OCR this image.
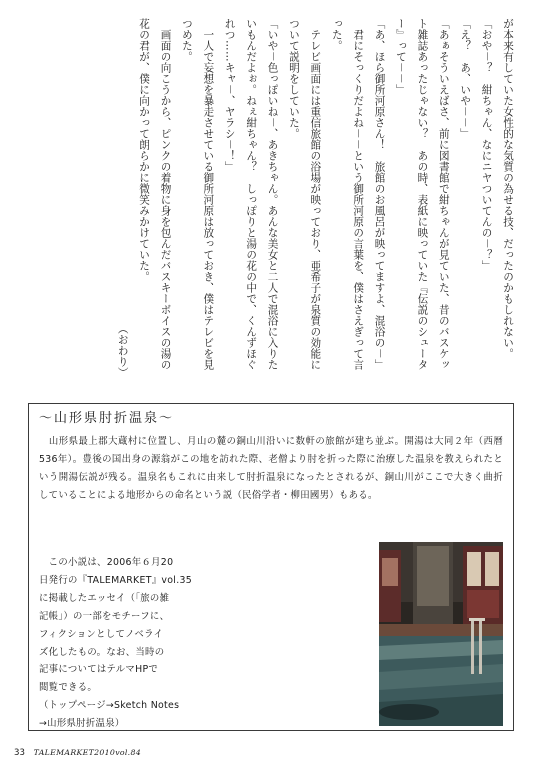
が本来有していた女性的な気質の為せる技、だったのかもしれない。

「おや－？　紺ちゃん、なにニヤついてんの－？」

「え？　あ、いや－－」

「あぁそういえばさ、前に図書館で紺ちゃんが見ていた、昔のバスケット雑誌あったじゃない？　あの時、表紙に映っていた『伝説のシューター』って－－」

「あ、ほら御所河原さん！　旅館のお風呂が映ってますよ、混浴の－」

　君にそっくりだよね－－という御所河原の言葉を、僕はさえぎって言った。

　テレビ画面には重信旅館の浴場が映っており、亜希子が泉質の効能について説明をしていた。

「いや－色っぽいね－、あきちゃん。あんな美女と二人で混浴に入りたいもんだよぉ。ねぇ紺ちゃん？　しっぽりと湯の花の中で、くんずほぐれつ……キャ－、ヤラシ－！」

　一人で妄想を暴走させている御所河原は放っておき、僕はテレビを見つめた。

　画面の向こうから、ピンクの着物に身を包んだバスキーボイスの湯の花の君が、僕に向かって朗らかに微笑みかけていた。

（おわり）

～山形県肘折温泉～

　山形県最上郡大蔵村に位置し、月山の麓の銅山川沿いに数軒の旅館が建ち並ぶ。開湯は大同２年（西暦536年）。豊後の国出身の源翁がこの地を訪れた際、老僧より肘を折った際に治療した温泉を教えられたという開湯伝説が残る。温泉名もこれに由来して肘折温泉になったとされるが、銅山川がここで大きく曲折していることによる地形からの命名という説（民俗学者・柳田國男）もある。

　この小説は、2006年６月20

日発行の『TALEMARKET』vol.35

に掲載したエッセイ（「旅の雑

記帳」）の一部をモチーフに、

フィクションとしてノベライ

ズ化したもの。なお、当時の

記事についてはテルマHPで

閲覧できる。

（トップページ→Sketch Notes

→山形県肘折温泉）

33 TALEMARKET2010vol.84
